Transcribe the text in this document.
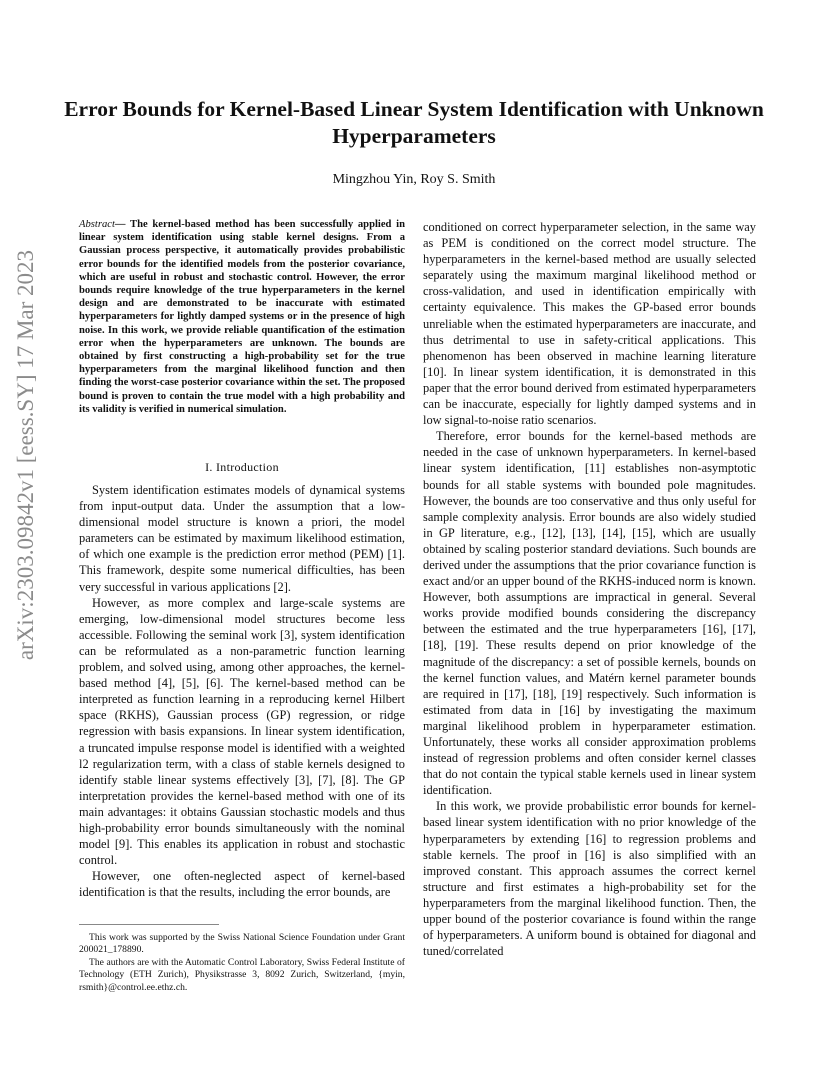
Error Bounds for Kernel-Based Linear System Identification with Unknown Hyperparameters
Mingzhou Yin, Roy S. Smith
arXiv:2303.09842v1 [eess.SY] 17 Mar 2023
Abstract— The kernel-based method has been successfully applied in linear system identification using stable kernel designs. From a Gaussian process perspective, it automatically provides probabilistic error bounds for the identified models from the posterior covariance, which are useful in robust and stochastic control. However, the error bounds require knowledge of the true hyperparameters in the kernel design and are demonstrated to be inaccurate with estimated hyperparameters for lightly damped systems or in the presence of high noise. In this work, we provide reliable quantification of the estimation error when the hyperparameters are unknown. The bounds are obtained by first constructing a high-probability set for the true hyperparameters from the marginal likelihood function and then finding the worst-case posterior covariance within the set. The proposed bound is proven to contain the true model with a high probability and its validity is verified in numerical simulation.
I. Introduction

System identification estimates models of dynamical systems from input-output data. Under the assumption that a low-dimensional model structure is known a priori, the model parameters can be estimated by maximum likelihood estimation, of which one example is the prediction error method (PEM) [1]. This framework, despite some numerical difficulties, has been very successful in various applications [2].

However, as more complex and large-scale systems are emerging, low-dimensional model structures become less accessible. Following the seminal work [3], system identification can be reformulated as a non-parametric function learning problem, and solved using, among other approaches, the kernel-based method [4], [5], [6]. The kernel-based method can be interpreted as function learning in a reproducing kernel Hilbert space (RKHS), Gaussian process (GP) regression, or ridge regression with basis expansions. In linear system identification, a truncated impulse response model is identified with a weighted l2 regularization term, with a class of stable kernels designed to identify stable linear systems effectively [3], [7], [8]. The GP interpretation provides the kernel-based method with one of its main advantages: it obtains Gaussian stochastic models and thus high-probability error bounds simultaneously with the nominal model [9]. This enables its application in robust and stochastic control.

However, one often-neglected aspect of kernel-based identification is that the results, including the error bounds, are

This work was supported by the Swiss National Science Foundation under Grant 200021_178890.

The authors are with the Automatic Control Laboratory, Swiss Federal Institute of Technology (ETH Zurich), Physikstrasse 3, 8092 Zurich, Switzerland, {myin, rsmith}@control.ee.ethz.ch.

conditioned on correct hyperparameter selection, in the same way as PEM is conditioned on the correct model structure. The hyperparameters in the kernel-based method are usually selected separately using the maximum marginal likelihood method or cross-validation, and used in identification empirically with certainty equivalence. This makes the GP-based error bounds unreliable when the estimated hyperparameters are inaccurate, and thus detrimental to use in safety-critical applications. This phenomenon has been observed in machine learning literature [10]. In linear system identification, it is demonstrated in this paper that the error bound derived from estimated hyperparameters can be inaccurate, especially for lightly damped systems and in low signal-to-noise ratio scenarios.

Therefore, error bounds for the kernel-based methods are needed in the case of unknown hyperparameters. In kernel-based linear system identification, [11] establishes non-asymptotic bounds for all stable systems with bounded pole magnitudes. However, the bounds are too conservative and thus only useful for sample complexity analysis. Error bounds are also widely studied in GP literature, e.g., [12], [13], [14], [15], which are usually obtained by scaling posterior standard deviations. Such bounds are derived under the assumptions that the prior covariance function is exact and/or an upper bound of the RKHS-induced norm is known. However, both assumptions are impractical in general. Several works provide modified bounds considering the discrepancy between the estimated and the true hyperparameters [16], [17], [18], [19]. These results depend on prior knowledge of the magnitude of the discrepancy: a set of possible kernels, bounds on the kernel function values, and Matérn kernel parameter bounds are required in [17], [18], [19] respectively. Such information is estimated from data in [16] by investigating the maximum marginal likelihood problem in hyperparameter estimation. Unfortunately, these works all consider approximation problems instead of regression problems and often consider kernel classes that do not contain the typical stable kernels used in linear system identification.

In this work, we provide probabilistic error bounds for kernel-based linear system identification with no prior knowledge of the hyperparameters by extending [16] to regression problems and stable kernels. The proof in [16] is also simplified with an improved constant. This approach assumes the correct kernel structure and first estimates a high-probability set for the hyperparameters from the marginal likelihood function. Then, the upper bound of the posterior covariance is found within the range of hyperparameters. A uniform bound is obtained for diagonal and tuned/correlated
